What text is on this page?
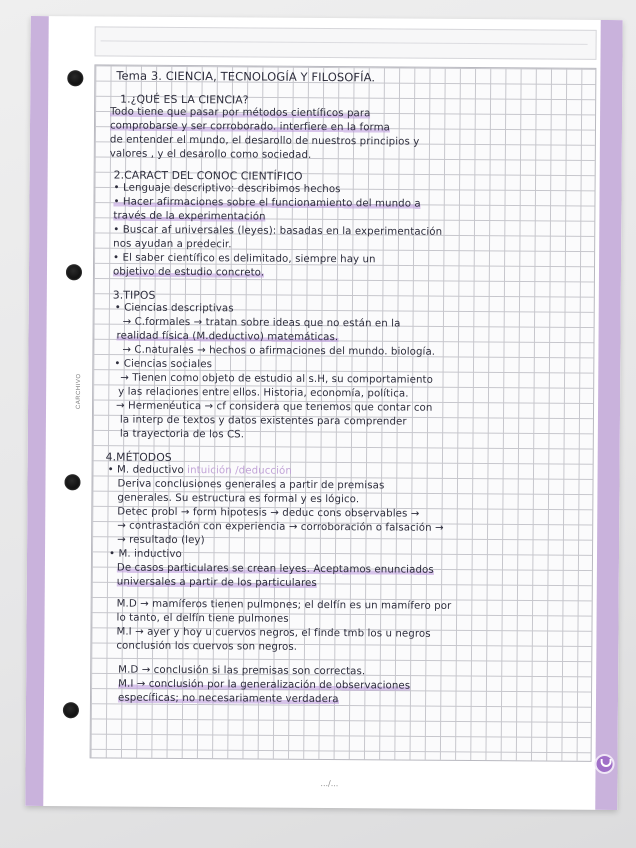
CARCHIVO
.../...
Tema 3. CIENCIA, TECNOLOGÍA Y FILOSOFÍA.
1.¿QUÉ ES LA CIENCIA?
Todo tiene que pasar por métodos científicos para
comprobarse y ser corroborado. interfiere en la forma
de entender el mundo, el desarollo de nuestros principios y
valores , y el desarollo como sociedad.
2.CARACT DEL CONOC CIENTÍFICO
• Lenguaje descriptivo: describimos hechos
• Hacer afirmaciones sobre el funcionamiento del mundo a
través de la experimentación
• Buscar af universales (leyes): basadas en la experimentación
nos ayudan a predecir.
• El saber científico es delimitado, siempre hay un
objetivo de estudio concreto.
3.TIPOS
• Ciencias descriptivas
→ C.formales → tratan sobre ideas que no están en la
realidad física (M.deductivo) matemáticas.
→ C.naturales → hechos o afirmaciones del mundo. biología.
• Ciencias sociales
→ Tienen como objeto de estudio al s.H, su comportamiento
y las relaciones entre ellos. Historia, economía, política.
→ Hermenéutica → cf considera que tenemos que contar con
la interp de textos y datos existentes para comprender
la trayectoria de los CS.
4.MÉTODOS
• M. deductivo intuición /deducción
Deriva conclusiones generales a partir de premisas
generales. Su estructura es formal y es lógico.
Detec probl → form hipotesis → deduc cons observables →
→ contrastación con experiencia → corroboración o falsación →
→ resultado (ley)
• M. inductivo
De casos particulares se crean leyes. Aceptamos enunciados
universales a partir de los particulares
M.D → mamíferos tienen pulmones; el delfín es un mamífero por
lo tanto, el delfín tiene pulmones
M.I → ayer y hoy u cuervos negros, el finde tmb los u negros
conclusión los cuervos son negros.
M.D → conclusión si las premisas son correctas.
M.I → conclusión por la generalización de observaciones
específicas; no necesariamente verdadera
